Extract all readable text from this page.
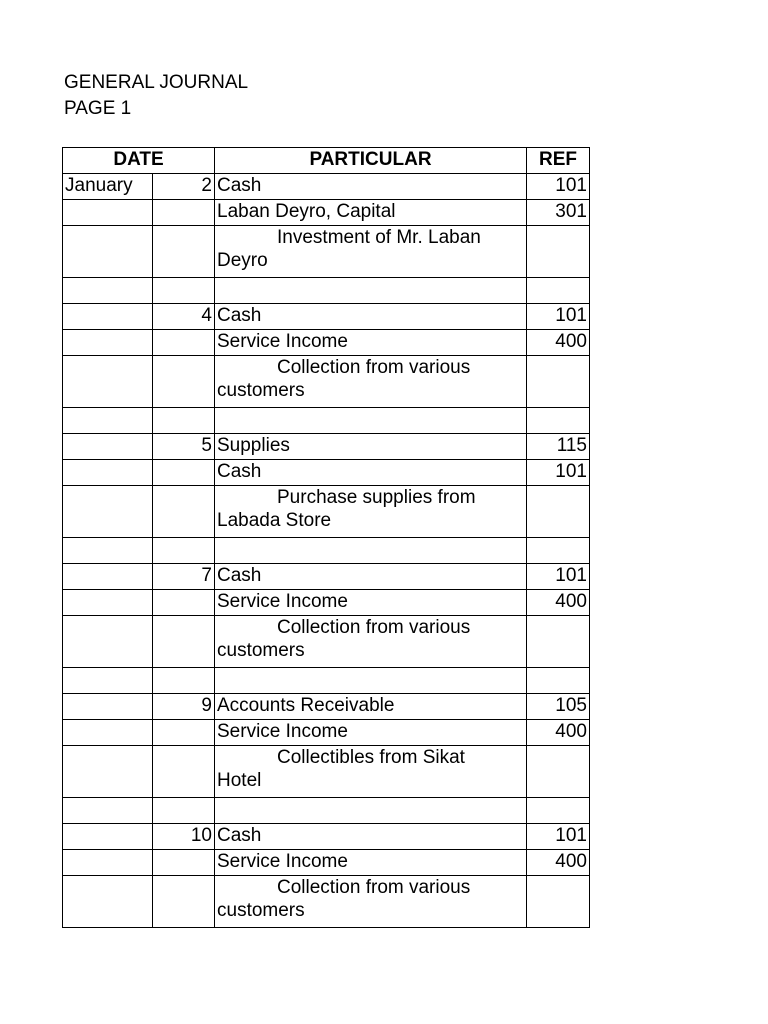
GENERAL JOURNAL
PAGE 1
DATE		PARTICULAR	REF
January	2	Cash	101
		Laban Deyro, Capital	301

		Investment of Mr. Laban
Deyro	

	4	Cash	101
		Service Income	400

		Collection from various
customers	

	5	Supplies	115
		Cash	101

		Purchase supplies from
Labada Store	

	7	Cash	101
		Service Income	400

		Collection from various
customers	

	9	Accounts Receivable	105
		Service Income	400

		Collectibles from Sikat
Hotel	

	10	Cash	101
		Service Income	400

		Collection from various
customers	
